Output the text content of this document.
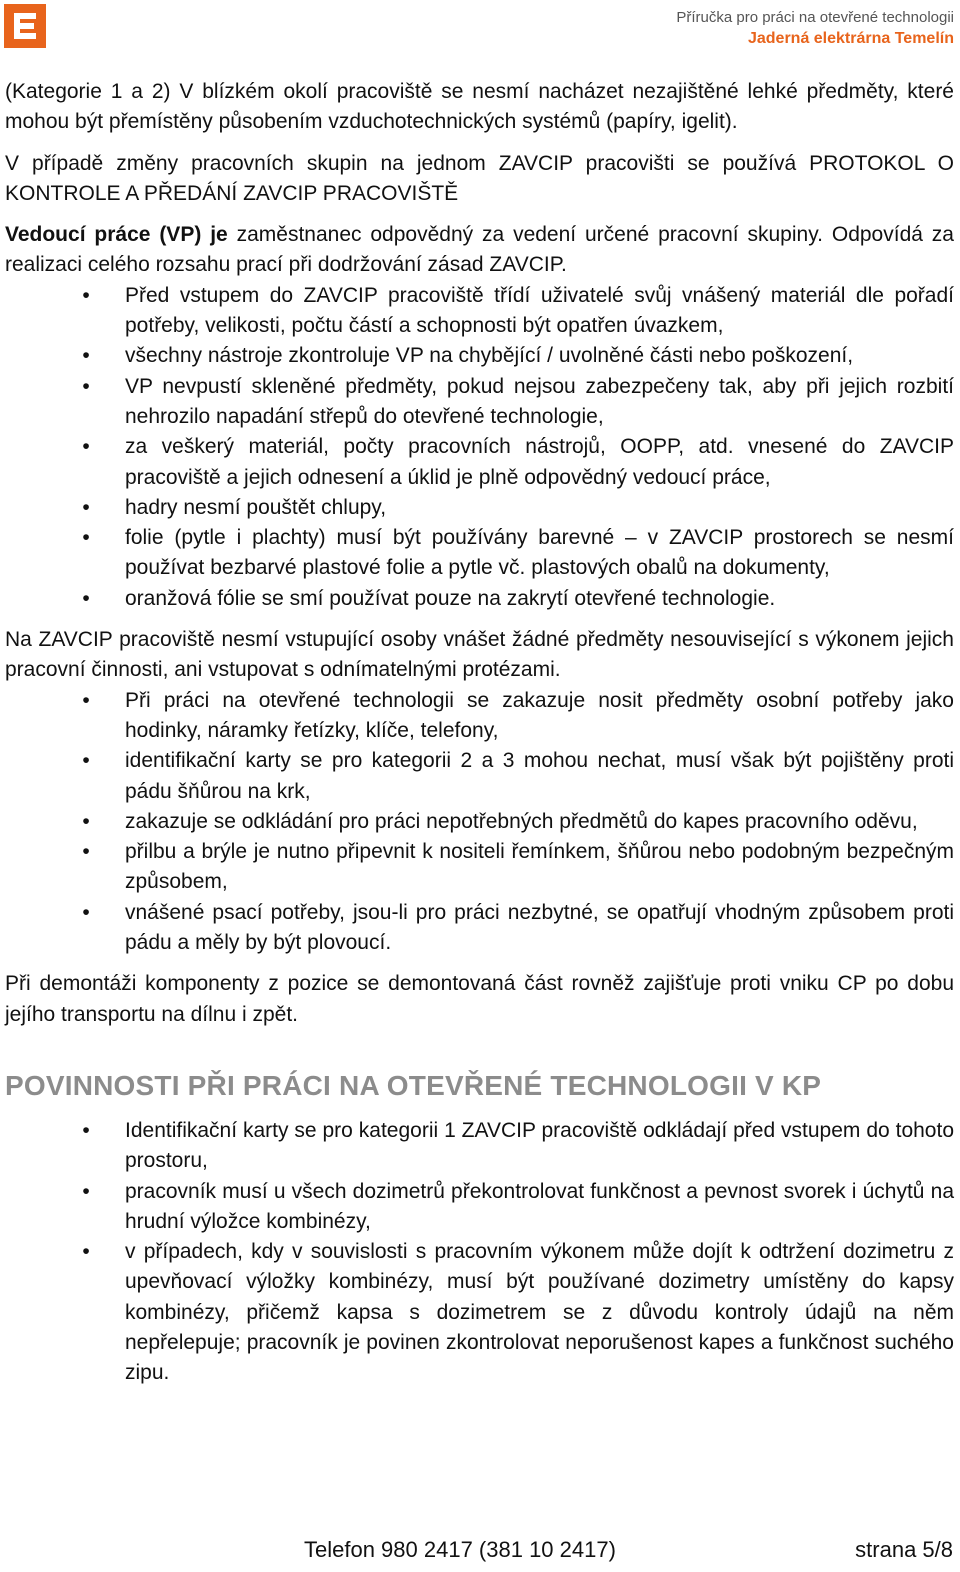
Příručka pro práci na otevřené technologii
Jaderná elektrárna Temelín

(Kategorie 1 a 2) V blízkém okolí pracoviště se nesmí nacházet nezajištěné lehké předměty, které mohou být přemístěny působením vzduchotechnických systémů (papíry, igelit).

V případě změny pracovních skupin na jednom ZAVCIP pracovišti se používá PROTOKOL O KONTROLE A PŘEDÁNÍ ZAVCIP PRACOVIŠTĚ

Vedoucí práce (VP) je zaměstnanec odpovědný za vedení určené pracovní skupiny. Odpovídá za realizaci celého rozsahu prací při dodržování zásad ZAVCIP.

• Před vstupem do ZAVCIP pracoviště třídí uživatelé svůj vnášený materiál dle pořadí potřeby, velikosti, počtu částí a schopnosti být opatřen úvazkem,
• všechny nástroje zkontroluje VP na chybějící / uvolněné části nebo poškození,
• VP nevpustí skleněné předměty, pokud nejsou zabezpečeny tak, aby při jejich rozbití nehrozilo napadání střepů do otevřené technologie,
• za veškerý materiál, počty pracovních nástrojů, OOPP, atd. vnesené do ZAVCIP pracoviště a jejich odnesení a úklid je plně odpovědný vedoucí práce,
• hadry nesmí pouštět chlupy,
• folie (pytle i plachty) musí být používány barevné – v ZAVCIP prostorech se nesmí používat bezbarvé plastové folie a pytle vč. plastových obalů na dokumenty,
• oranžová fólie se smí používat pouze na zakrytí otevřené technologie.

Na ZAVCIP pracoviště nesmí vstupující osoby vnášet žádné předměty nesouvisející s výkonem jejich pracovní činnosti, ani vstupovat s odnímatelnými protézami.

• Při práci na otevřené technologii se zakazuje nosit předměty osobní potřeby jako hodinky, náramky řetízky, klíče, telefony,
• identifikační karty se pro kategorii 2 a 3 mohou nechat, musí však být pojištěny proti pádu šňůrou na krk,
• zakazuje se odkládání pro práci nepotřebných předmětů do kapes pracovního oděvu,
• přilbu a brýle je nutno připevnit k nositeli řemínkem, šňůrou nebo podobným bezpečným způsobem,
• vnášené psací potřeby, jsou-li pro práci nezbytné, se opatřují vhodným způsobem proti pádu a měly by být plovoucí.

Při demontáži komponenty z pozice se demontovaná část rovněž zajišťuje proti vniku CP po dobu jejího transportu na dílnu i zpět.

POVINNOSTI PŘI PRÁCI NA OTEVŘENÉ TECHNOLOGII V KP
• Identifikační karty se pro kategorii 1 ZAVCIP pracoviště odkládají před vstupem do tohoto prostoru,
• pracovník musí u všech dozimetrů překontrolovat funkčnost a pevnost svorek i úchytů na hrudní výložce kombinézy,
• v případech, kdy v souvislosti s pracovním výkonem může dojít k odtržení dozimetru z upevňovací výložky kombinézy, musí být používané dozimetry umístěny do kapsy kombinézy, přičemž kapsa s dozimetrem se z důvodu kontroly údajů na něm nepřelepuje; pracovník je povinen zkontrolovat neporušenost kapes a funkčnost suchého zipu.
Telefon 980 2417 (381 10 2417)	strana 5/8
